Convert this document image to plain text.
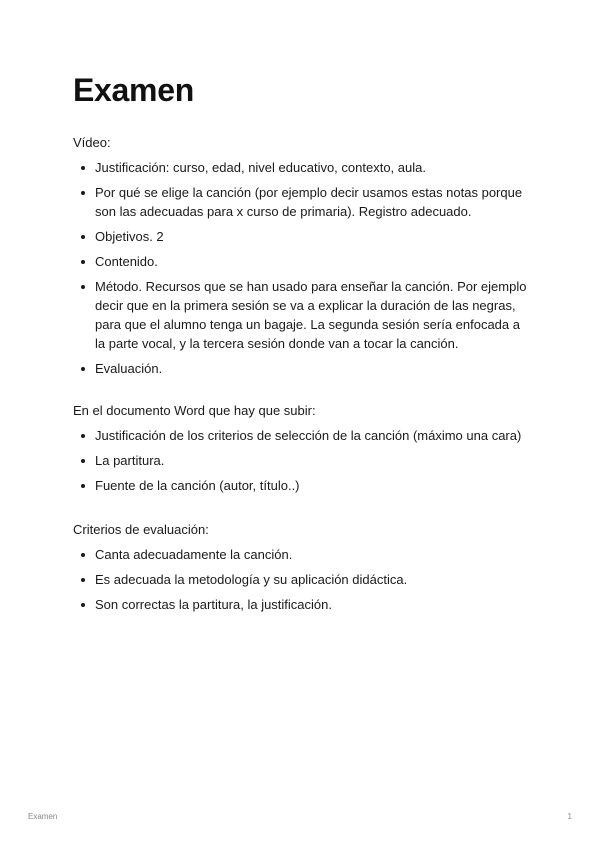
Examen

Vídeo:

Justificación: curso, edad, nivel educativo, contexto, aula.
Por qué se elige la canción (por ejemplo decir usamos estas notas porque son las adecuadas para x curso de primaria). Registro adecuado.
Objetivos. 2
Contenido.
Método. Recursos que se han usado para enseñar la canción. Por ejemplo decir que en la primera sesión se va a explicar la duración de las negras, para que el alumno tenga un bagaje. La segunda sesión sería enfocada a la parte vocal, y la tercera sesión donde van a tocar la canción.
Evaluación.

En el documento Word que hay que subir:

Justificación de los criterios de selección de la canción (máximo una cara)
La partitura.
Fuente de la canción (autor, título..)

Criterios de evaluación:

Canta adecuadamente la canción.
Es adecuada la metodología y su aplicación didáctica.
Son correctas la partitura, la justificación.
Examen	1
